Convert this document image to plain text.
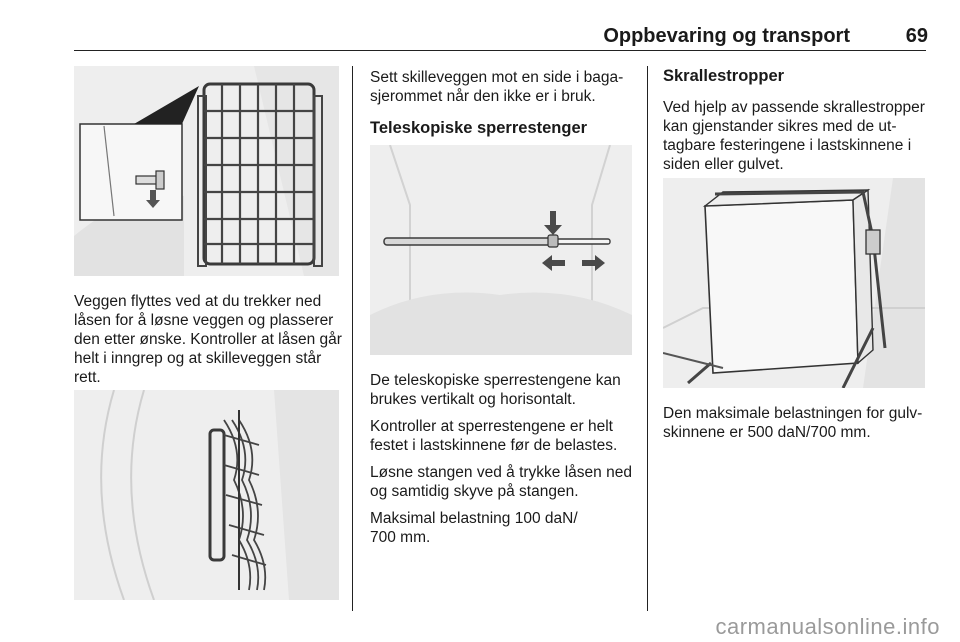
Oppbevaring og transport	69

Veggen flyttes ved at du trekker ned låsen for å løsne veggen og plasserer den etter ønske. Kontroller at låsen går helt i inngrep og at skilleveggen står rett.

Sett skilleveggen mot en side i bagasjerommet når den ikke er i bruk.

Teleskopiske sperrestenger

De teleskopiske sperrestengene kan brukes vertikalt og horisontalt.

Kontroller at sperrestengene er helt festet i lastskinnene før de belastes.

Løsne stangen ved å trykke låsen ned og samtidig skyve på stangen.

Maksimal belastning 100 daN/ 700 mm.

Skrallestropper

Ved hjelp av passende skrallestropper kan gjenstander sikres med de uttagbare festeringene i lastskinnene i siden eller gulvet.

Den maksimale belastningen for gulvskinnene er 500 daN/700 mm.

carmanualsonline.info
